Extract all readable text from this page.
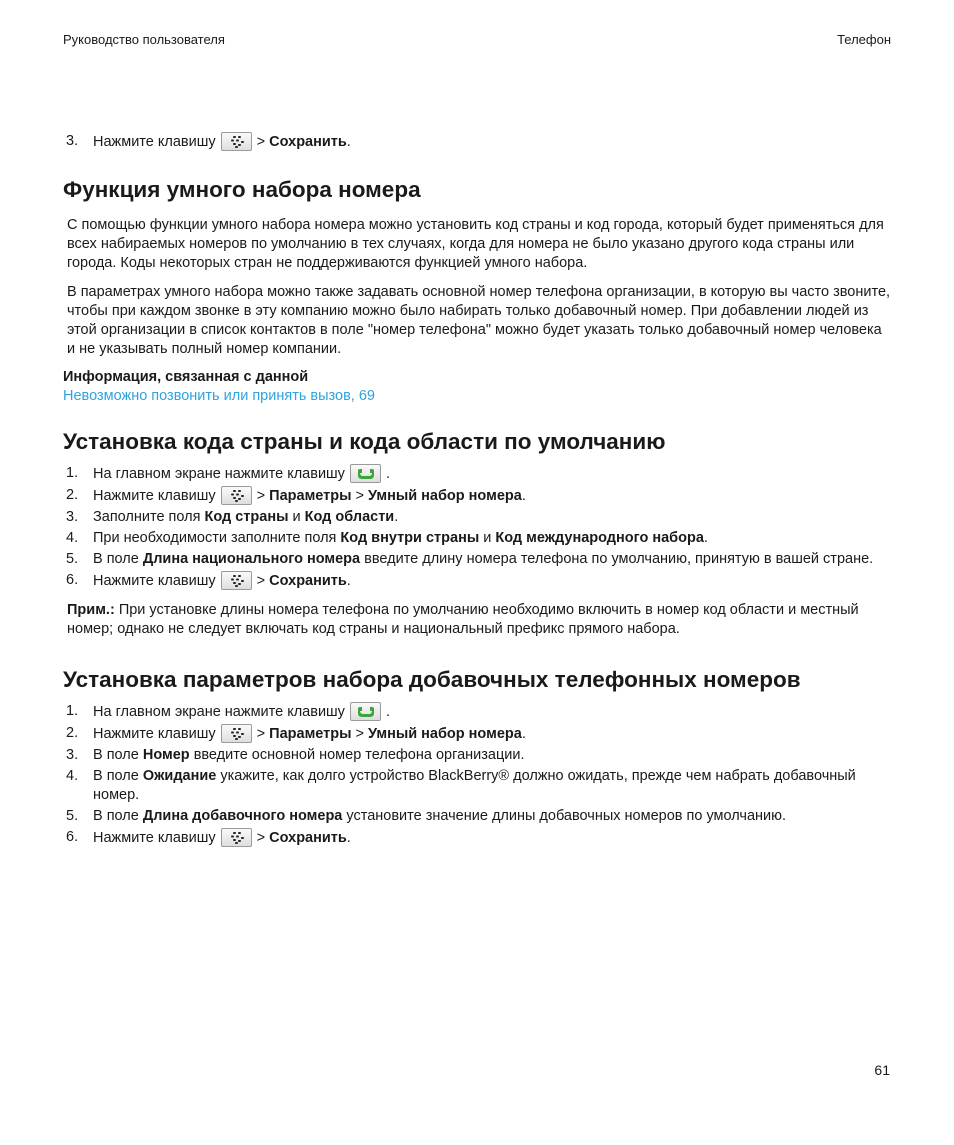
Руководство пользователя	Телефон
3. Нажмите клавишу	> Сохранить.
Функция умного набора номера

С помощью функции умного набора номера можно установить код страны и код города, который будет применяться для всех набираемых номеров по умолчанию в тех случаях, когда для номера не было указано другого кода страны или города. Коды некоторых стран не поддерживаются функцией умного набора.

В параметрах умного набора можно также задавать основной номер телефона организации, в которую вы часто звоните, чтобы при каждом звонке в эту компанию можно было набирать только добавочный номер. При добавлении людей из этой организации в список контактов в поле "номер телефона" можно будет указать только добавочный номер человека и не указывать полный номер компании.

Информация, связанная с данной
Невозможно позвонить или принять вызов, 69
Установка кода страны и кода области по умолчанию
1. На главном экране нажмите клавишу	.
2. Нажмите клавишу	> Параметры > Умный набор номера.
3. Заполните поля Код страны и Код области.
4. При необходимости заполните поля Код внутри страны и Код международного набора.
5. В поле Длина национального номера введите длину номера телефона по умолчанию, принятую в вашей стране.
6. Нажмите клавишу	> Сохранить.

Прим.: При установке длины номера телефона по умолчанию необходимо включить в номер код области и местный номер; однако не следует включать код страны и национальный префикс прямого набора.

Установка параметров набора добавочных телефонных номеров
1. На главном экране нажмите клавишу	.
2. Нажмите клавишу	> Параметры > Умный набор номера.
3. В поле Номер введите основной номер телефона организации.
4. В поле Ожидание укажите, как долго устройство BlackBerry® должно ожидать, прежде чем набрать добавочный номер.
5. В поле Длина добавочного номера установите значение длины добавочных номеров по умолчанию.
6. Нажмите клавишу	> Сохранить.
61
